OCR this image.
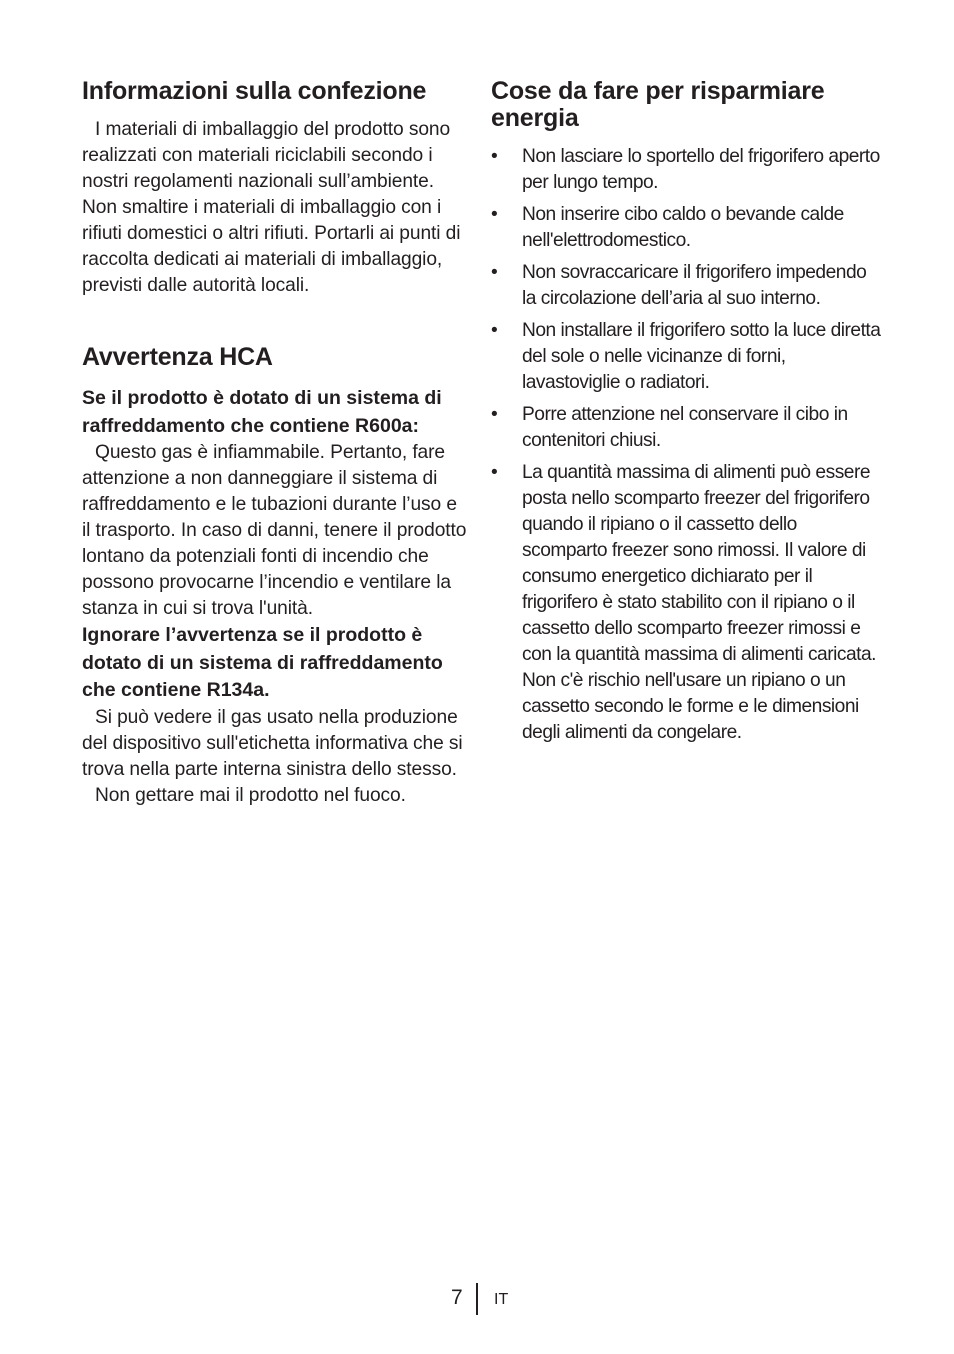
Informazioni sulla confezione

I materiali di imballaggio del prodotto sono realizzati con materiali riciclabili secondo i nostri regolamenti nazionali sull’ambiente. Non smaltire i materiali di imballaggio con i rifiuti domestici o altri rifiuti. Portarli ai punti di raccolta dedicati ai materiali di imballaggio, previsti dalle autorità locali.

Avvertenza HCA

Se il prodotto è dotato di un sistema di raffreddamento che contiene R600a:

Questo gas è infiammabile. Pertanto, fare attenzione a non danneggiare il sistema di raffreddamento e le tubazioni durante l’uso e il trasporto. In caso di danni, tenere il prodotto lontano da potenziali fonti di incendio che possono provocarne l’incendio e ventilare la stanza in cui si trova l'unità.

Ignorare l’avvertenza se il prodotto è dotato di un sistema di raffreddamento che contiene R134a.

Si può vedere il gas usato nella produzione del dispositivo sull'etichetta informativa che si trova nella parte interna sinistra dello stesso.

Non gettare mai il prodotto nel fuoco.

Cose da fare per risparmiare energia
•	Non lasciare lo sportello del frigorifero aperto per lungo tempo.
•	Non inserire cibo caldo o bevande calde nell'elettrodomestico.
•	Non sovraccaricare il frigorifero impedendo la circolazione dell’aria al suo interno.
•	Non installare il frigorifero sotto la luce diretta del sole o nelle vicinanze di forni, lavastoviglie o radiatori.
•	Porre attenzione nel conservare il cibo in contenitori chiusi.
•	La quantità massima di alimenti può essere posta nello scomparto freezer del frigorifero quando il ripiano o il cassetto dello scomparto freezer sono rimossi. Il valore di consumo energetico dichiarato per il frigorifero è stato stabilito con il ripiano o il cassetto dello scomparto freezer rimossi e con la quantità massima di alimenti caricata. Non c'è rischio nell'usare un ripiano o un cassetto secondo le forme e le dimensioni degli alimenti da congelare.
7 IT
